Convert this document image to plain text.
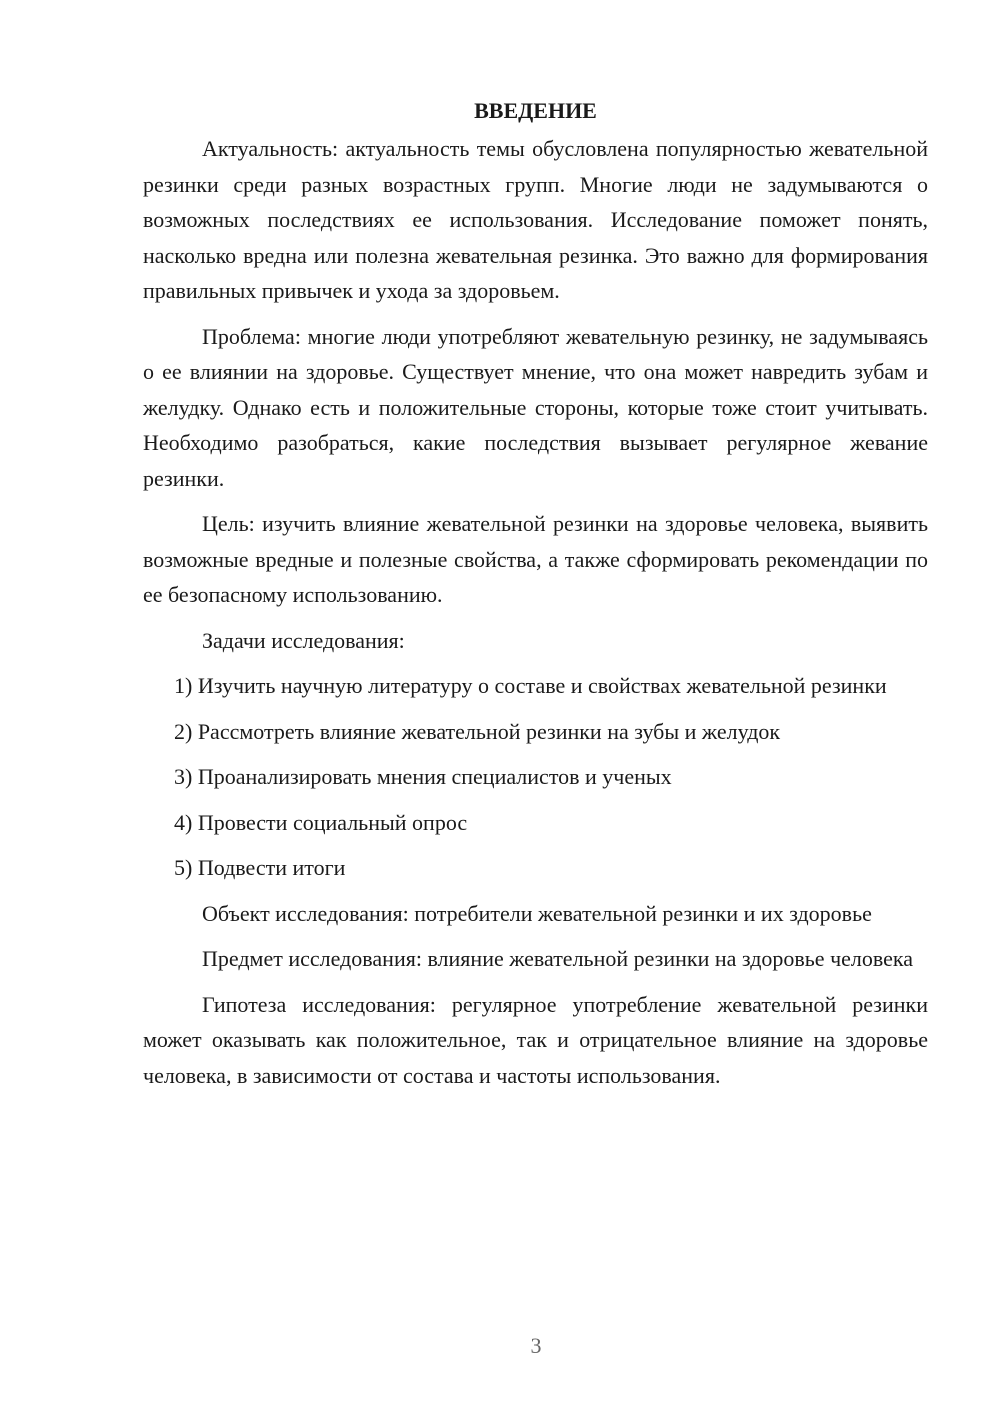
ВВЕДЕНИЕ

Актуальность: актуальность темы обусловлена популярностью жевательной резинки среди разных возрастных групп. Многие люди не задумываются о возможных последствиях ее использования. Исследование поможет понять, насколько вредна или полезна жевательная резинка. Это важно для формирования правильных привычек и ухода за здоровьем.

Проблема: многие люди употребляют жевательную резинку, не задумываясь о ее влиянии на здоровье. Существует мнение, что она может навредить зубам и желудку. Однако есть и положительные стороны, которые тоже стоит учитывать. Необходимо разобраться, какие последствия вызывает регулярное жевание резинки.

Цель: изучить влияние жевательной резинки на здоровье человека, выявить возможные вредные и полезные свойства, а также сформировать рекомендации по ее безопасному использованию.

Задачи исследования:

1) Изучить научную литературу о составе и свойствах жевательной резинки

2) Рассмотреть влияние жевательной резинки на зубы и желудок

3) Проанализировать мнения специалистов и ученых

4) Провести социальный опрос

5) Подвести итоги

Объект исследования: потребители жевательной резинки и их здоровье

Предмет исследования: влияние жевательной резинки на здоровье человека

Гипотеза исследования: регулярное употребление жевательной резинки может оказывать как положительное, так и отрицательное влияние на здоровье человека, в зависимости от состава и частоты использования.

3
